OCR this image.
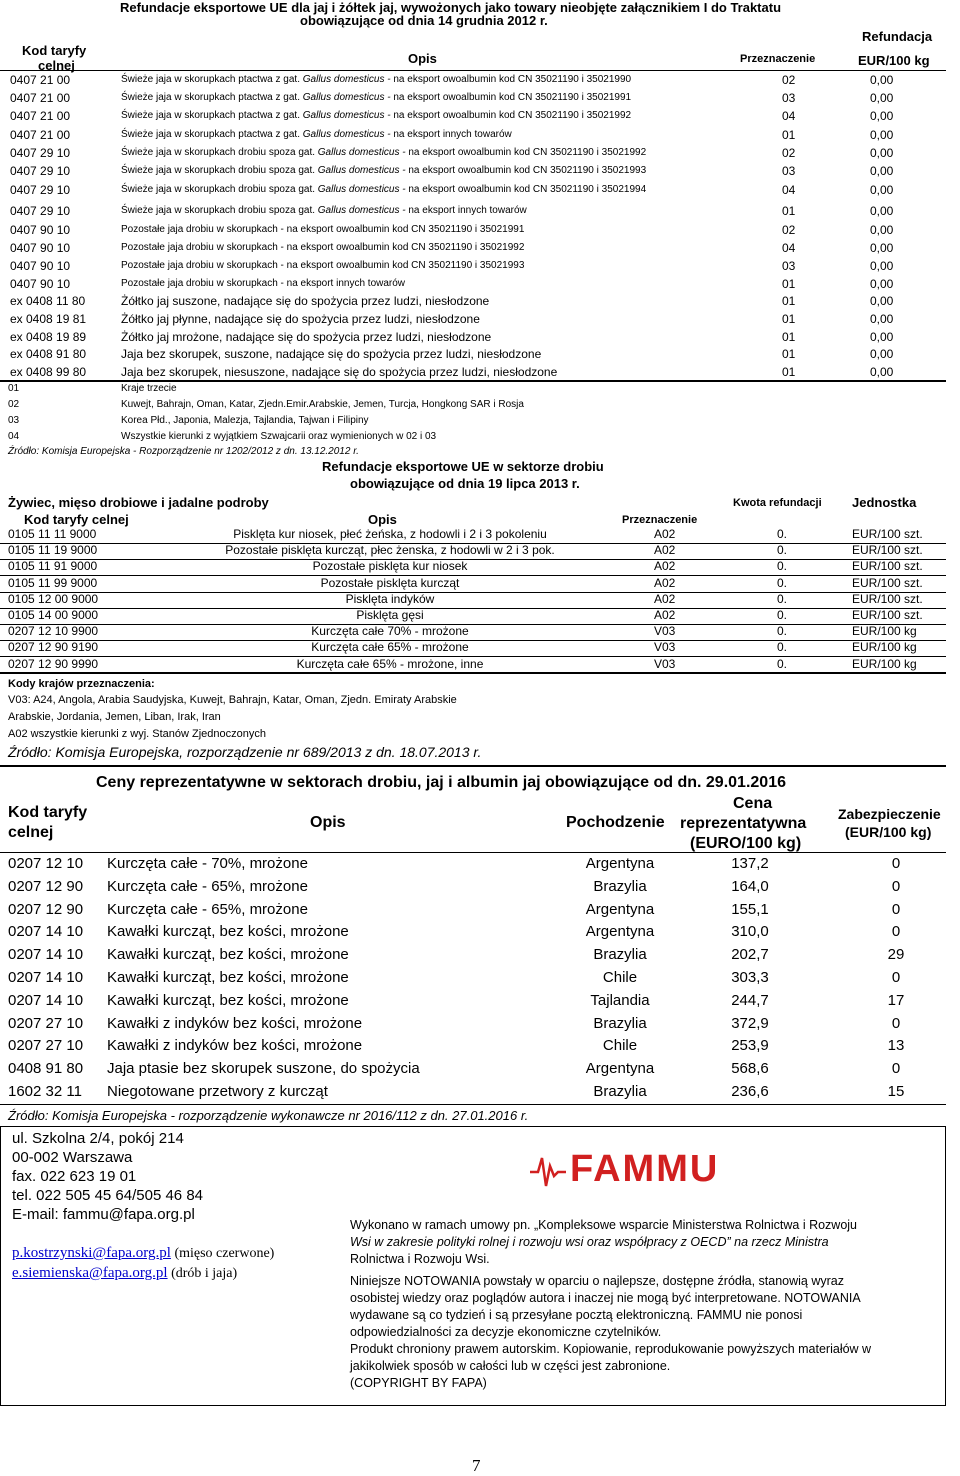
Refundacje eksportowe UE dla jaj i żółtek jaj, wywożonych jako towary nieobjęte załącznikiem I do Traktatu
obowiązujące od dnia 14 grudnia 2012 r.
Kod taryfy
celnej	Opis	Przeznaczenie
Refundacja
EUR/100 kg
0407 21 00	Świeże jaja w skorupkach ptactwa z gat. Gallus domesticus - na eksport owoalbumin kod CN 35021190 i 35021990	02	0,00
0407 21 00	Świeże jaja w skorupkach ptactwa z gat. Gallus domesticus - na eksport owoalbumin kod CN 35021190 i 35021991	03	0,00
0407 21 00	Świeże jaja w skorupkach ptactwa z gat. Gallus domesticus - na eksport owoalbumin kod CN 35021190 i 35021992	04	0,00
0407 21 00	Świeże jaja w skorupkach ptactwa z gat. Gallus domesticus - na eksport innych towarów	01	0,00
0407 29 10	Świeże jaja w skorupkach drobiu spoza gat. Gallus domesticus - na eksport owoalbumin kod CN 35021190 i 35021992	02	0,00
0407 29 10	Świeże jaja w skorupkach drobiu spoza gat. Gallus domesticus - na eksport owoalbumin kod CN 35021190 i 35021993	03	0,00
0407 29 10	Świeże jaja w skorupkach drobiu spoza gat. Gallus domesticus - na eksport owoalbumin kod CN 35021190 i 35021994	04	0,00
0407 29 10	Świeże jaja w skorupkach drobiu spoza gat. Gallus domesticus - na eksport innych towarów	01	0,00
0407 90 10	Pozostałe jaja drobiu w skorupkach - na eksport owoalbumin kod CN 35021190 i 35021991	02	0,00
0407 90 10	Pozostałe jaja drobiu w skorupkach - na eksport owoalbumin kod CN 35021190 i 35021992	04	0,00
0407 90 10	Pozostałe jaja drobiu w skorupkach - na eksport owoalbumin kod CN 35021190 i 35021993	03	0,00
0407 90 10	Pozostałe jaja drobiu w skorupkach - na eksport innych towarów	01	0,00
ex 0408 11 80	Żółtko jaj suszone, nadające się do spożycia przez ludzi, niesłodzone	01	0,00
ex 0408 19 81	Żółtko jaj płynne, nadające się do spożycia przez ludzi, niesłodzone	01	0,00
ex 0408 19 89	Żółtko jaj mrożone, nadające się do spożycia przez ludzi, niesłodzone	01	0,00
ex 0408 91 80	Jaja bez skorupek, suszone, nadające się do spożycia przez ludzi, niesłodzone	01	0,00
ex 0408 99 80	Jaja bez skorupek, niesuszone, nadające się do spożycia przez ludzi, niesłodzone	01	0,00
01	Kraje trzecie
02	Kuwejt, Bahrajn, Oman, Katar, Zjedn.Emir.Arabskie, Jemen, Turcja, Hongkong SAR i Rosja
03	Korea Płd., Japonia, Malezja, Tajlandia, Tajwan i Filipiny
04	Wszystkie kierunki z wyjątkiem Szwajcarii oraz wymienionych w 02 i 03
Źródło: Komisja Europejska - Rozporządzenie nr 1202/2012 z dn. 13.12.2012 r.
Refundacje eksportowe UE w sektorze drobiu
obowiązujące od dnia 19 lipca 2013 r.
Żywiec, mięso drobiowe i jadalne podroby	Kwota refundacji Jednostka
Kod taryfy celnej	Opis	Przeznaczenie
0105 11 11 9000	Pisklęta kur niosek, płeć żeńska, z hodowli i 2 i 3 pokoleniu	A02	0.	EUR/100 szt.
0105 11 19 9000	Pozostałe pisklęta kurcząt, płec żenska, z hodowli w 2 i 3 pok.	A02	0.	EUR/100 szt.
0105 11 91 9000	Pozostałe pisklęta kur niosek	A02	0.	EUR/100 szt.
0105 11 99 9000	Pozostałe pisklęta kurcząt	A02	0.	EUR/100 szt.
0105 12 00 9000	Pisklęta indyków	A02	0.	EUR/100 szt.
0105 14 00 9000	Pisklęta gęsi	A02	0.	EUR/100 szt.
0207 12 10 9900	Kurczęta całe 70% - mrożone	V03	0.	EUR/100 kg
0207 12 90 9190	Kurczęta całe 65% - mrożone	V03	0.	EUR/100 kg
0207 12 90 9990	Kurczęta całe 65% - mrożone, inne	V03	0.	EUR/100 kg
Kody krajów przeznaczenia:
V03: A24, Angola, Arabia Saudyjska, Kuwejt, Bahrajn, Katar, Oman, Zjedn. Emiraty Arabskie
Arabskie, Jordania, Jemen, Liban, Irak, Iran
A02 wszystkie kierunki z wyj. Stanów Zjednoczonych
Źródło: Komisja Europejska, rozporządzenie nr 689/2013 z dn. 18.07.2013 r.
Ceny reprezentatywne w sektorach drobiu, jaj i albumin jaj obowiązujące od dn. 29.01.2016
Kod taryfy
celnej
Opis	Pochodzenie
Cena
reprezentatywna
(EURO/100 kg)
Zabezpieczenie
(EUR/100 kg)
0207 12 10 Kurczęta całe - 70%, mrożone	Argentyna	137,2	0
0207 12 90 Kurczęta całe - 65%, mrożone	Brazylia	164,0	0
0207 12 90 Kurczęta całe - 65%, mrożone	Argentyna	155,1	0
0207 14 10 Kawałki kurcząt, bez kości, mrożone	Argentyna	310,0	0
0207 14 10 Kawałki kurcząt, bez kości, mrożone	Brazylia	202,7	29
0207 14 10 Kawałki kurcząt, bez kości, mrożone	Chile	303,3	0
0207 14 10 Kawałki kurcząt, bez kości, mrożone	Tajlandia	244,7	17
0207 27 10 Kawałki z indyków bez kości, mrożone	Brazylia	372,9	0
0207 27 10 Kawałki z indyków bez kości, mrożone	Chile	253,9	13
0408 91 80 Jaja ptasie bez skorupek suszone, do spożycia	Argentyna	568,6	0
1602 32 11 Niegotowane przetwory z kurcząt	Brazylia	236,6	15
Źródło: Komisja Europejska - rozporządzenie wykonawcze nr 2016/112 z dn. 27.01.2016 r.
ul. Szkolna 2/4, pokój 214
00-002 Warszawa
fax. 022 623 19 01
tel. 022 505 45 64/505 46 84
E-mail: fammu@fapa.org.pl
p.kostrzynski@fapa.org.pl (mięso czerwone)
e.siemienska@fapa.org.pl (drób i jaja)
FAMMU
Wykonano w ramach umowy pn. „Kompleksowe wsparcie Ministerstwa Rolnictwa i Rozwoju
Wsi w zakresie polityki rolnej i rozwoju wsi oraz współpracy z OECD” na rzecz Ministra
Rolnictwa i Rozwoju Wsi.
Niniejsze NOTOWANIA powstały w oparciu o najlepsze, dostępne źródła, stanowią wyraz
osobistej wiedzy oraz poglądów autora i inaczej nie mogą być interpretowane. NOTOWANIA
wydawane są co tydzień i są przesyłane pocztą elektroniczną. FAMMU nie ponosi
odpowiedzialności za decyzje ekonomiczne czytelników.
Produkt chroniony prawem autorskim. Kopiowanie, reprodukowanie powyższych materiałów w
jakikolwiek sposób w całości lub w części jest zabronione.
(COPYRIGHT BY FAPA)
7
